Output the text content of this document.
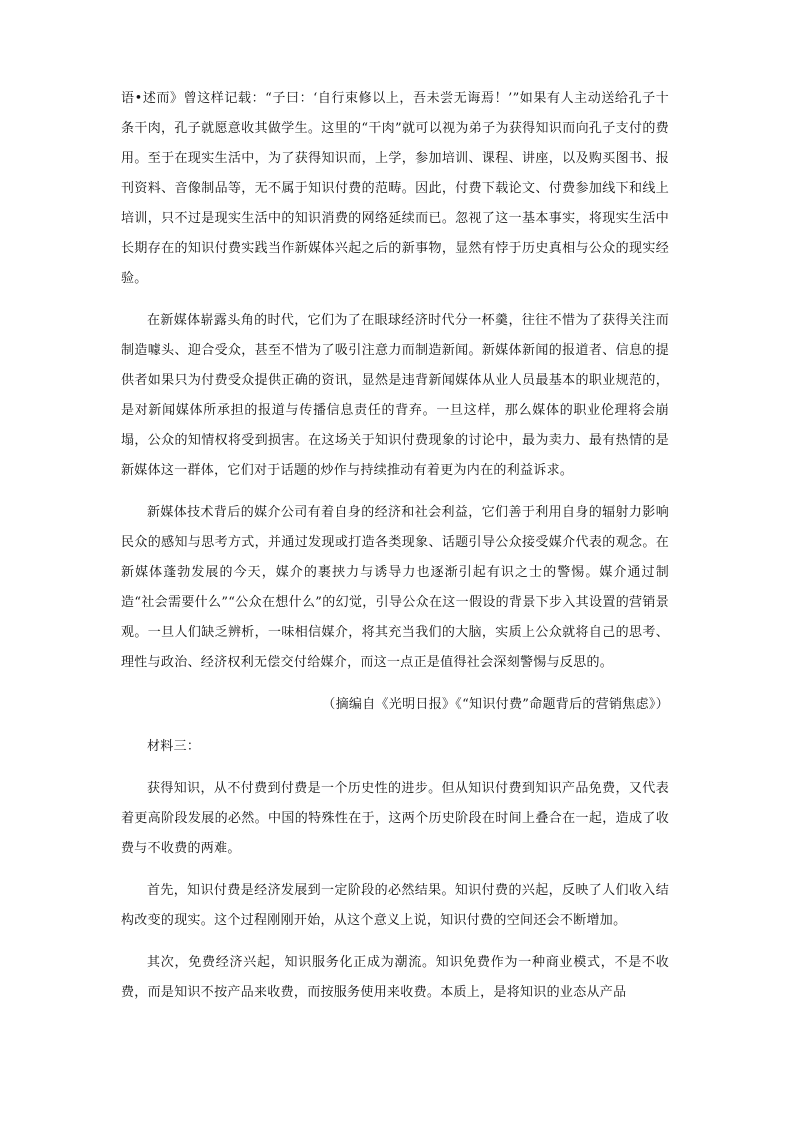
语•述而》曾这样记载：“子曰：‘自行束修以上，吾未尝无诲焉！’”如果有人主动送给孔子十条干肉，孔子就愿意收其做学生。这里的“干肉”就可以视为弟子为获得知识而向孔子支付的费用。至于在现实生活中，为了获得知识而，上学，参加培训、课程、讲座，以及购买图书、报刊资料、音像制品等，无不属于知识付费的范畴。因此，付费下载论文、付费参加线下和线上培训，只不过是现实生活中的知识消费的网络延续而已。忽视了这一基本事实，将现实生活中长期存在的知识付费实践当作新媒体兴起之后的新事物，显然有悖于历史真相与公众的现实经验。

在新媒体崭露头角的时代，它们为了在眼球经济时代分一杯羹，往往不惜为了获得关注而制造噱头、迎合受众，甚至不惜为了吸引注意力而制造新闻。新媒体新闻的报道者、信息的提供者如果只为付费受众提供正确的资讯，显然是违背新闻媒体从业人员最基本的职业规范的，是对新闻媒体所承担的报道与传播信息责任的背弃。一旦这样，那么媒体的职业伦理将会崩塌，公众的知情权将受到损害。在这场关于知识付费现象的讨论中，最为卖力、最有热情的是新媒体这一群体，它们对于话题的炒作与持续推动有着更为内在的利益诉求。

新媒体技术背后的媒介公司有着自身的经济和社会利益，它们善于利用自身的辐射力影响民众的感知与思考方式，并通过发现或打造各类现象、话题引导公众接受媒介代表的观念。在新媒体蓬勃发展的今天，媒介的裹挟力与诱导力也逐渐引起有识之士的警惕。媒介通过制造“社会需要什么”“公众在想什么”的幻觉，引导公众在这一假设的背景下步入其设置的营销景观。一旦人们缺乏辨析，一味相信媒介，将其充当我们的大脑，实质上公众就将自己的思考、理性与政治、经济权利无偿交付给媒介，而这一点正是值得社会深刻警惕与反思的。

（摘编自《光明日报》《“知识付费”命题背后的营销焦虑》）

材料三：

获得知识，从不付费到付费是一个历史性的进步。但从知识付费到知识产品免费，又代表着更高阶段发展的必然。中国的特殊性在于，这两个历史阶段在时间上叠合在一起，造成了收费与不收费的两难。

首先，知识付费是经济发展到一定阶段的必然结果。知识付费的兴起，反映了人们收入结构改变的现实。这个过程刚刚开始，从这个意义上说，知识付费的空间还会不断增加。

其次，免费经济兴起，知识服务化正成为潮流。知识免费作为一种商业模式，不是不收费，而是知识不按产品来收费，而按服务使用来收费。本质上，是将知识的业态从产品
